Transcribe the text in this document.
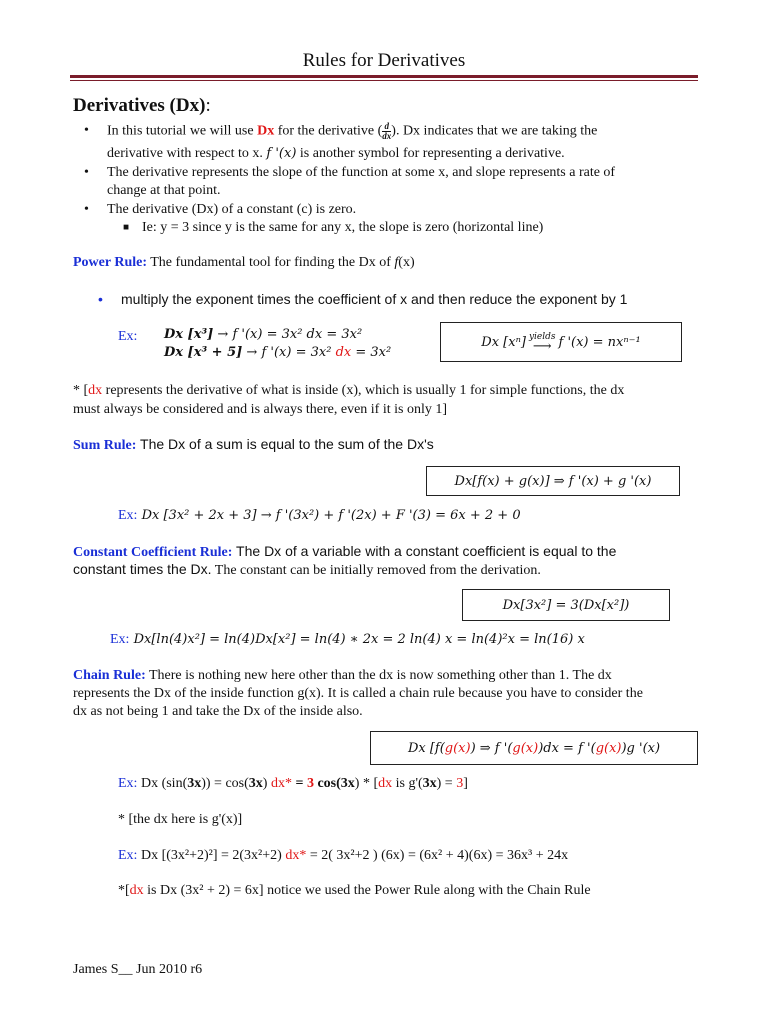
Rules for Derivatives
Derivatives (Dx):
• In this tutorial we will use Dx for the derivative ( $\frac{d}{dx}$ ). Dx indicates that we are taking the
derivative with respect to x. f '(x) is another symbol for representing a derivative.
• The derivative represents the slope of the function at some x, and slope represents a rate of
change at that point.
• The derivative (Dx) of a constant (c) is zero.
■ Ie: y = 3 since y is the same for any x, the slope is zero (horizontal line)
Power Rule: The fundamental tool for finding the Dx of f(x)
• multiply the exponent times the coefficient of x and then reduce the exponent by 1
Ex: Dx [x³] → f '(x) = 3x² dx = 3x²
Dx [x³ + 5] → f '(x) = 3x² dx = 3x²
Dx [xⁿ] yields
⟶ f '(x) = nxⁿ⁻¹
* [dx represents the derivative of what is inside (x), which is usually 1 for simple functions, the dx
must always be considered and is always there, even if it is only 1]
Sum Rule: The Dx of a sum is equal to the sum of the Dx's
Dx[f(x) + g(x)] ⇒ f '(x) + g '(x)
Ex: Dx [3x² + 2x + 3] → f '(3x²) + f '(2x) + F '(3) = 6x + 2 + 0
Constant Coefficient Rule: The Dx of a variable with a constant coefficient is equal to the
constant times the Dx. The constant can be initially removed from the derivation.
Dx[3x²] = 3(Dx[x²])
Ex: Dx[ln(4)x²] = ln(4)Dx[x²] = ln(4) ∗ 2x = 2 ln(4) x = ln(4)²x = ln(16) x
Chain Rule: There is nothing new here other than the dx is now something other than 1. The dx
represents the Dx of the inside function g(x). It is called a chain rule because you have to consider the
dx as not being 1 and take the Dx of the inside also.
Dx [f( g(x) ) ⇒ f '( g(x) )dx = f '( g(x) )g '(x)
Ex: Dx (sin(3x)) = cos(3x) dx* = 3 cos(3x) * [dx is g'(3x) = 3]
* [the dx here is g'(x)]
Ex: Dx [(3x²+2)²] = 2(3x²+2) dx* = 2( 3x²+2 ) (6x) = (6x² + 4)(6x) = 36x³ + 24x
*[dx is Dx (3x² + 2) = 6x] notice we used the Power Rule along with the Chain Rule
James S__ Jun 2010 r6
